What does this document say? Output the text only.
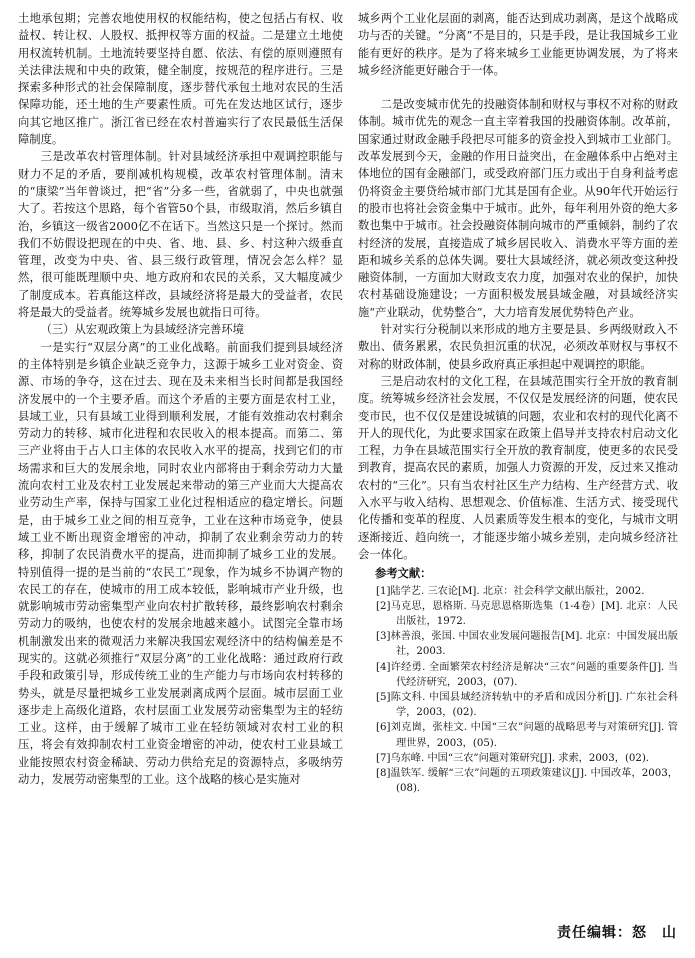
土地承包期；完善农地使用权的权能结构，使之包括占有权、收益权、转让权、人股权、抵押权等方面的权益。二是建立土地使用权流转机制。土地流转要坚持自愿、依法、有偿的原则遵照有关法律法规和中央的政策，健全制度，按规范的程序进行。三是探索多种形式的社会保障制度，逐步替代承包土地对农民的生活保障功能，还土地的生产要素性质。可先在发达地区试行，逐步向其它地区推广。浙江省已经在农村普遍实行了农民最低生活保障制度。

三是改革农村管理体制。针对县域经济承担中观调控职能与财力不足的矛盾，要削减机构规模，改革农村管理体制。清末的“康梁”当年曾谈过，把“省”分多一些，省就弱了，中央也就强大了。若按这个思路，每个省管50个县，市级取消，然后乡镇自治，乡镇这一级省2000亿不在话下。当然这只是一个探讨。然而我们不妨假设把现在的中央、省、地、县、乡、村这种六级垂直管理，改变为中央、省、县三级行政管理，情况会怎么样？显然，很可能既理顺中央、地方政府和农民的关系，又大幅度减少了制度成本。若真能这样改，县域经济将是最大的受益者，农民将是最大的受益者。统筹城乡发展也就指日可待。

（三）从宏观政策上为县域经济完善环境

一是实行“双层分离”的工业化战略。前面我们提到县域经济的主体特别是乡镇企业缺乏竞争力，这源于城乡工业对资金、资源、市场的争夺，这在过去、现在及未来相当长时间都是我国经济发展中的一个主要矛盾。而这个矛盾的主要方面是农村工业，县域工业，只有县域工业得到顺利发展，才能有效推动农村剩余劳动力的转移、城市化进程和农民收入的根本提高。而第二、第三产业将由于占人口主体的农民收入水平的提高，找到它们的市场需求和巨大的发展余地，同时农业内部将由于剩余劳动力大量流向农村工业及农村工业发展起来带动的第三产业而大大提高农业劳动生产率，保持与国家工业化过程相适应的稳定增长。问题是，由于城乡工业之间的相互竞争，工业在这种市场竞争，使县域工业不断出现资金增密的冲动，抑制了农业剩余劳动力的转移，抑制了农民消费水平的提高，进而抑制了城乡工业的发展。特别值得一提的是当前的“农民工”现象，作为城乡不协调产物的农民工的存在，使城市的用工成本较低，影响城市产业升级，也就影响城市劳动密集型产业向农村扩散转移，最终影响农村剩余劳动力的吸纳，也使农村的发展余地越来越小。试图完全靠市场机制激发出来的微观活力来解决我国宏观经济中的结构偏差是不现实的。这就必须推行“双层分离”的工业化战略：通过政府行政手段和政策引导，形成传统工业的生产能力与市场向农村转移的势头，就是尽量把城乡工业发展剥离成两个层面。城市层面工业逐步走上高级化道路，农村层面工业发展劳动密集型为主的轻纺工业。这样，由于缓解了城市工业在轻纺领域对农村工业的积压，将会有效抑制农村工业资金增密的冲动，使农村工业县域工业能按照农村资金稀缺、劳动力供给充足的资源特点，多吸纳劳动力，发展劳动密集型的工业。这个战略的核心是实施对

城乡两个工业化层面的剥离，能否达到成功剥离，是这个战略成功与否的关键。“分离”不是目的，只是手段，是让我国城乡工业能有更好的秩序。是为了将来城乡工业能更协调发展，为了将来城乡经济能更好融合于一体。

二是改变城市优先的投融资体制和财权与事权不对称的财政体制。城市优先的观念一直主宰着我国的投融资体制。改革前，国家通过财政金融手段把尽可能多的资金投入到城市工业部门。改革发展到今天，金融的作用日益突出，在金融体系中占绝对主体地位的国有金融部门，或受政府部门压力或出于自身利益考虑仍将资金主要贷给城市部门尤其是国有企业。从90年代开始运行的股市也将社会资金集中于城市。此外，每年利用外资的绝大多数也集中于城市。社会投融资体制向城市的严重倾斜，制约了农村经济的发展，直接造成了城乡居民收入、消费水平等方面的差距和城乡关系的总体失调。要壮大县域经济，就必须改变这种投融资体制，一方面加大财政支农力度，加强对农业的保护，加快农村基础设施建设；一方面积极发展县域金融，对县域经济实施“产业联动，优势整合”，大力培育发展优势特色产业。

针对实行分税制以来形成的地方主要是县、乡两级财政入不敷出、债务累累，农民负担沉重的状况，必须改革财权与事权不对称的财政体制，使县乡政府真正承担起中观调控的职能。

三是启动农村的文化工程，在县域范围实行全开放的教育制度。统筹城乡经济社会发展，不仅仅是发展经济的问题，使农民变市民，也不仅仅是建设城镇的问题，农业和农村的现代化离不开人的现代化，为此要求国家在政策上倡导并支持农村启动文化工程，力争在县域范围实行全开放的教育制度，使更多的农民受到教育，提高农民的素质，加强人力资源的开发，反过来又推动农村的“三化”。只有当农村社区生产力结构、生产经营方式、收入水平与收入结构、思想观念、价值标准、生活方式、接受现代化传播和变革的程度、人员素质等发生根本的变化，与城市文明逐渐接近、趋向统一，才能逐步缩小城乡差别，走向城乡经济社会一体化。

参考文献：
[1]陆学艺. 三农论[M]. 北京：社会科学文献出版社，2002.
[2]马克思，恩格斯. 马克思恩格斯选集（1-4卷）[M]. 北京：人民出版社，1972.
[3]林善浪，张国. 中国农业发展问题报告[M]. 北京：中国发展出版社，2003.
[4]许经勇. 全面繁荣农村经济是解决“三农”问题的重要条件[J]. 当代经济研究，2003，(07).
[5]陈文科. 中国县域经济转轨中的矛盾和成因分析[J]. 广东社会科学，2003，(02).
[6]刘克崮，张桂文. 中国“三农”问题的战略思考与对策研究[J]. 管理世界，2003，(05).
[7]乌东峰. 中国“三农”问题对策研究[J]. 求索，2003，(02).
[8]温铁军. 缓解“三农”问题的五项政策建议[J]. 中国改革，2003，(08).
责任编辑：怒　山
